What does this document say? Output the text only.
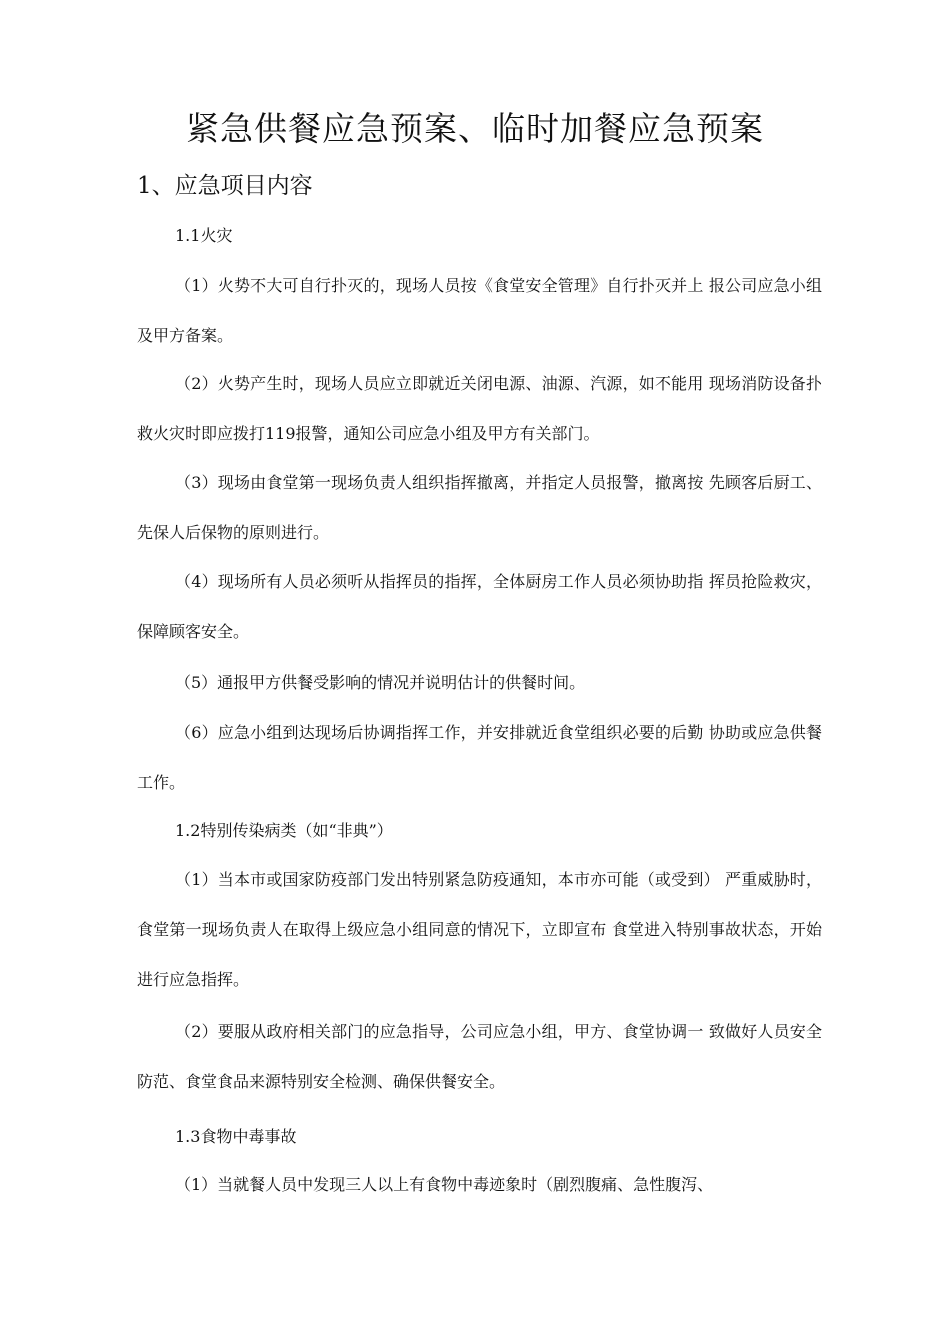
紧急供餐应急预案、临时加餐应急预案
1、应急项目内容
1.1火灾

（1）火势不大可自行扑灭的，现场人员按《食堂安全管理》自行扑灭并上 报公司应急小组及甲方备案。

（2）火势产生时，现场人员应立即就近关闭电源、油源、汽源，如不能用 现场消防设备扑救火灾时即应拨打119报警，通知公司应急小组及甲方有关部门。

（3）现场由食堂第一现场负责人组织指挥撤离，并指定人员报警，撤离按 先顾客后厨工、先保人后保物的原则进行。

（4）现场所有人员必须听从指挥员的指挥，全体厨房工作人员必须协助指 挥员抢险救灾，保障顾客安全。

（5）通报甲方供餐受影响的情况并说明估计的供餐时间。

（6）应急小组到达现场后协调指挥工作，并安排就近食堂组织必要的后勤 协助或应急供餐工作。

1.2特别传染病类（如“非典”）

（1）当本市或国家防疫部门发出特别紧急防疫通知，本市亦可能（或受到） 严重威胁时，食堂第一现场负责人在取得上级应急小组同意的情况下，立即宣布 食堂进入特别事故状态，开始进行应急指挥。

（2）要服从政府相关部门的应急指导，公司应急小组，甲方、食堂协调一 致做好人员安全防范、食堂食品来源特别安全检测、确保供餐安全。

1.3食物中毒事故

（1）当就餐人员中发现三人以上有食物中毒迹象时（剧烈腹痛、急性腹泻、
